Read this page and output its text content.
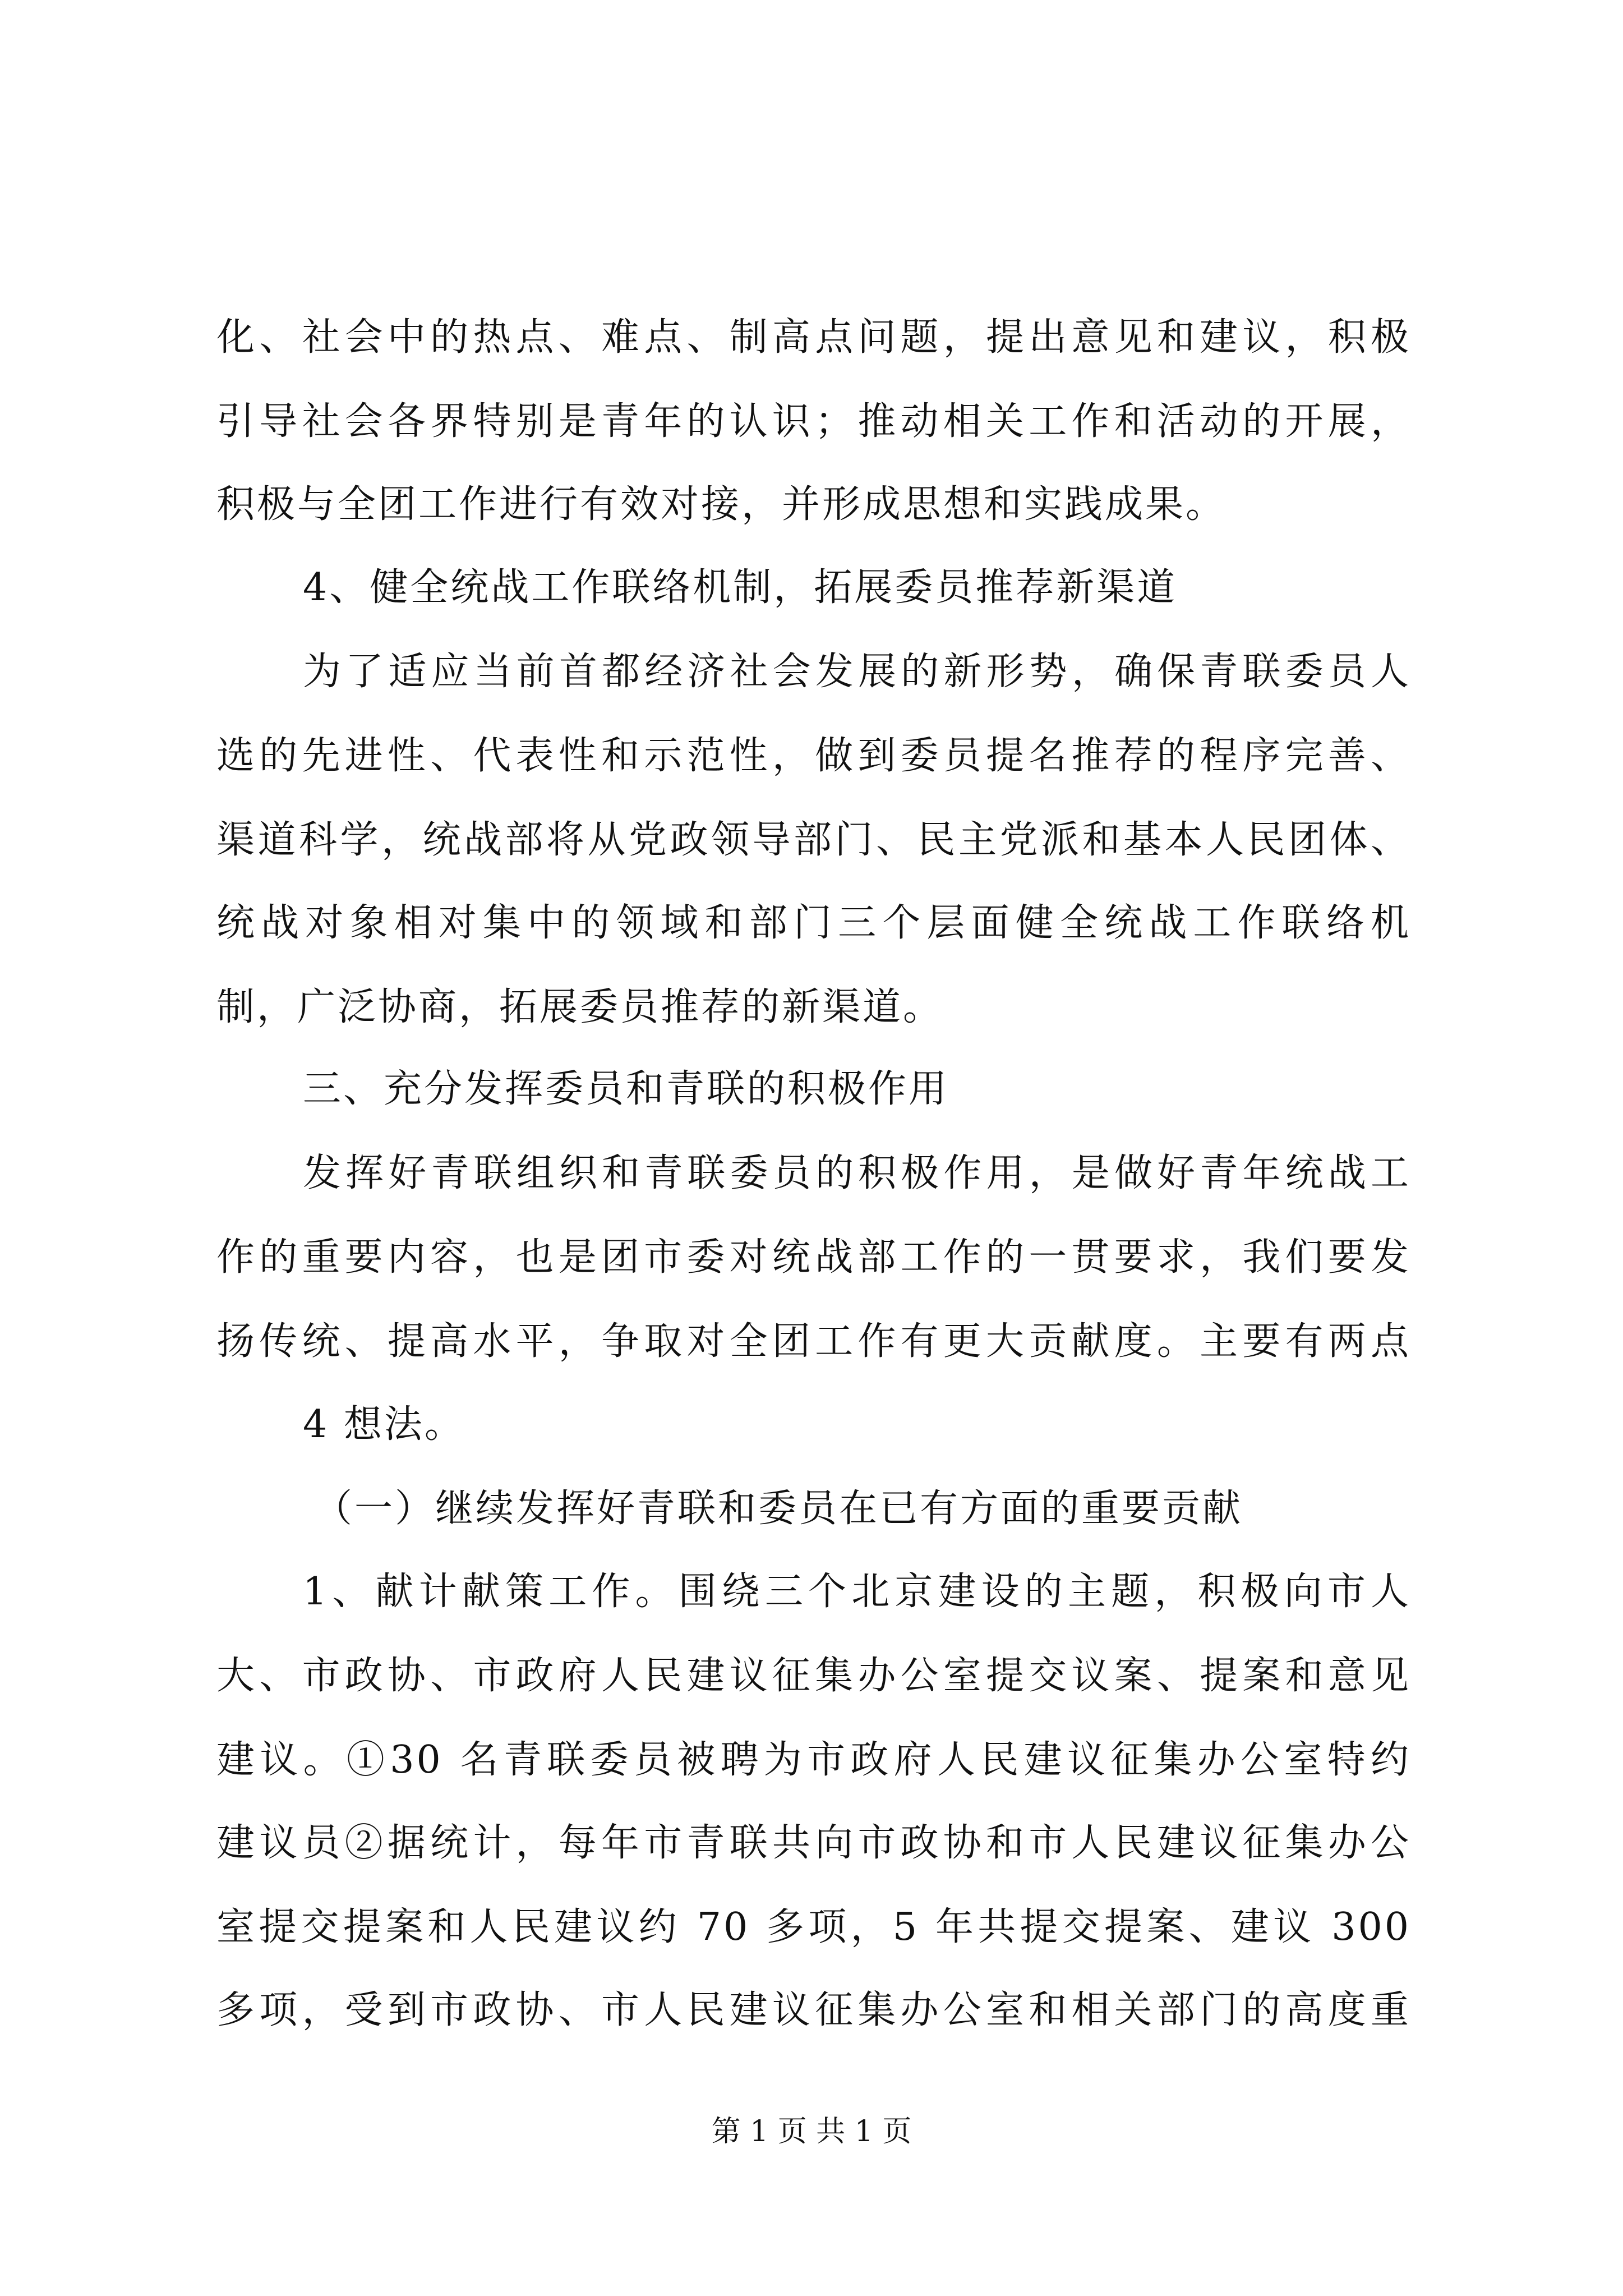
化、社会中的热点、难点、制高点问题，提出意见和建议，积极
引导社会各界特别是青年的认识；推动相关工作和活动的开展，
积极与全团工作进行有效对接，并形成思想和实践成果。
4、健全统战工作联络机制，拓展委员推荐新渠道
为了适应当前首都经济社会发展的新形势，确保青联委员人
选的先进性、代表性和示范性，做到委员提名推荐的程序完善、
渠道科学，统战部将从党政领导部门、民主党派和基本人民团体、
统战对象相对集中的领域和部门三个层面健全统战工作联络机
制，广泛协商，拓展委员推荐的新渠道。
三、充分发挥委员和青联的积极作用
发挥好青联组织和青联委员的积极作用，是做好青年统战工
作的重要内容，也是团市委对统战部工作的一贯要求，我们要发
扬传统、提高水平，争取对全团工作有更大贡献度。主要有两点
4 想法。
（一）继续发挥好青联和委员在已有方面的重要贡献
1、献计献策工作。围绕三个北京建设的主题，积极向市人
大、市政协、市政府人民建议征集办公室提交议案、提案和意见
建议。①30 名青联委员被聘为市政府人民建议征集办公室特约
建议员②据统计，每年市青联共向市政协和市人民建议征集办公
室提交提案和人民建议约 70 多项，5 年共提交提案、建议 300
多项，受到市政协、市人民建议征集办公室和相关部门的高度重
第 1 页 共 1 页
